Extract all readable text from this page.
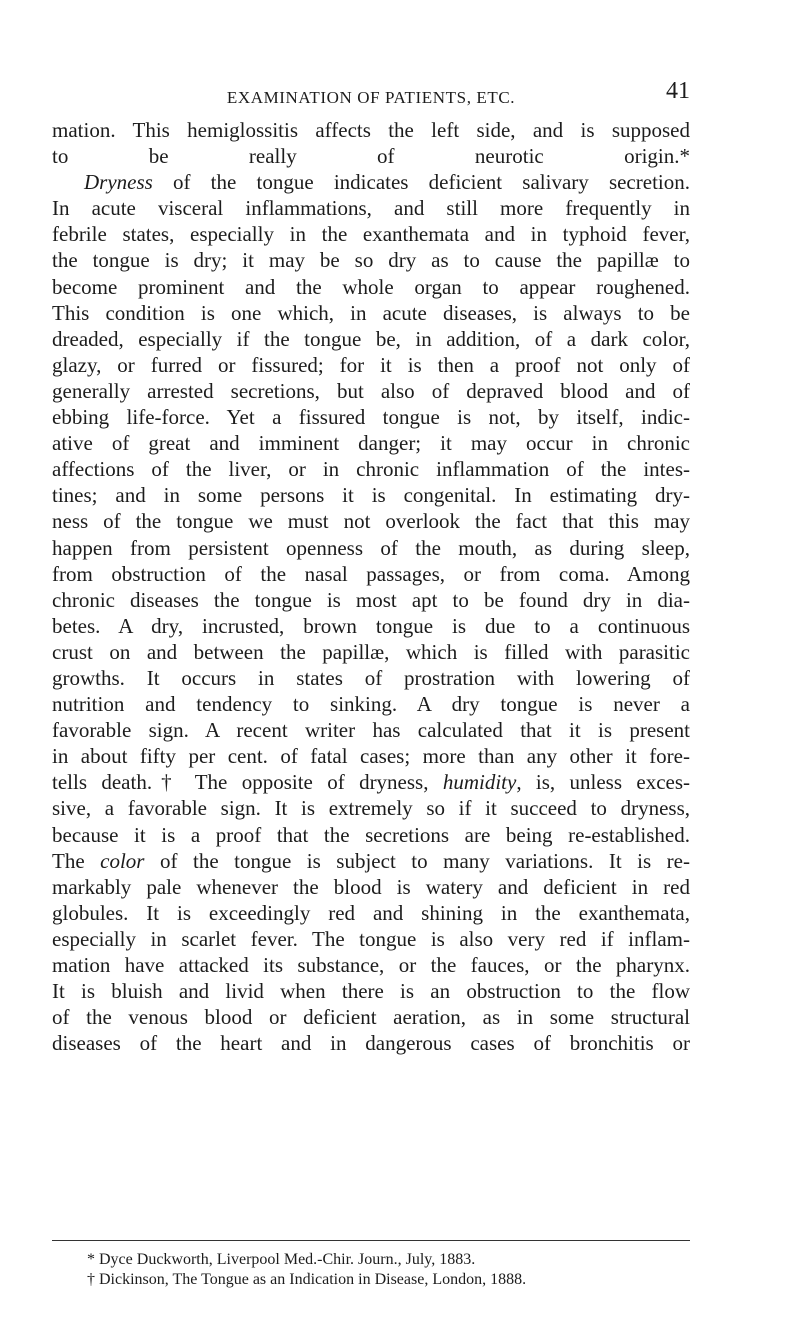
EXAMINATION OF PATIENTS, ETC.	41
mation. This hemiglossitis affects the left side, and is supposed
to be really of neurotic origin.*
Dryness of the tongue indicates deficient salivary secretion.
In acute visceral inflammations, and still more frequently in
febrile states, especially in the exanthemata and in typhoid fever,
the tongue is dry; it may be so dry as to cause the papillæ to
become prominent and the whole organ to appear roughened.
This condition is one which, in acute diseases, is always to be
dreaded, especially if the tongue be, in addition, of a dark color,
glazy, or furred or fissured; for it is then a proof not only of
generally arrested secretions, but also of depraved blood and of
ebbing life-force. Yet a fissured tongue is not, by itself, indic-
ative of great and imminent danger; it may occur in chronic
affections of the liver, or in chronic inflammation of the intes-
tines; and in some persons it is congenital. In estimating dry-
ness of the tongue we must not overlook the fact that this may
happen from persistent openness of the mouth, as during sleep,
from obstruction of the nasal passages, or from coma. Among
chronic diseases the tongue is most apt to be found dry in dia-
betes. A dry, incrusted, brown tongue is due to a continuous
crust on and between the papillæ, which is filled with parasitic
growths. It occurs in states of prostration with lowering of
nutrition and tendency to sinking. A dry tongue is never a
favorable sign. A recent writer has calculated that it is present
in about fifty per cent. of fatal cases; more than any other it fore-
tells death.† The opposite of dryness, humidity, is, unless exces-
sive, a favorable sign. It is extremely so if it succeed to dryness,
because it is a proof that the secretions are being re-established.
The color of the tongue is subject to many variations. It is re-
markably pale whenever the blood is watery and deficient in red
globules. It is exceedingly red and shining in the exanthemata,
especially in scarlet fever. The tongue is also very red if inflam-
mation have attacked its substance, or the fauces, or the pharynx.
It is bluish and livid when there is an obstruction to the flow
of the venous blood or deficient aeration, as in some structural
diseases of the heart and in dangerous cases of bronchitis or
* Dyce Duckworth, Liverpool Med.-Chir. Journ., July, 1883.
† Dickinson, The Tongue as an Indication in Disease, London, 1888.
